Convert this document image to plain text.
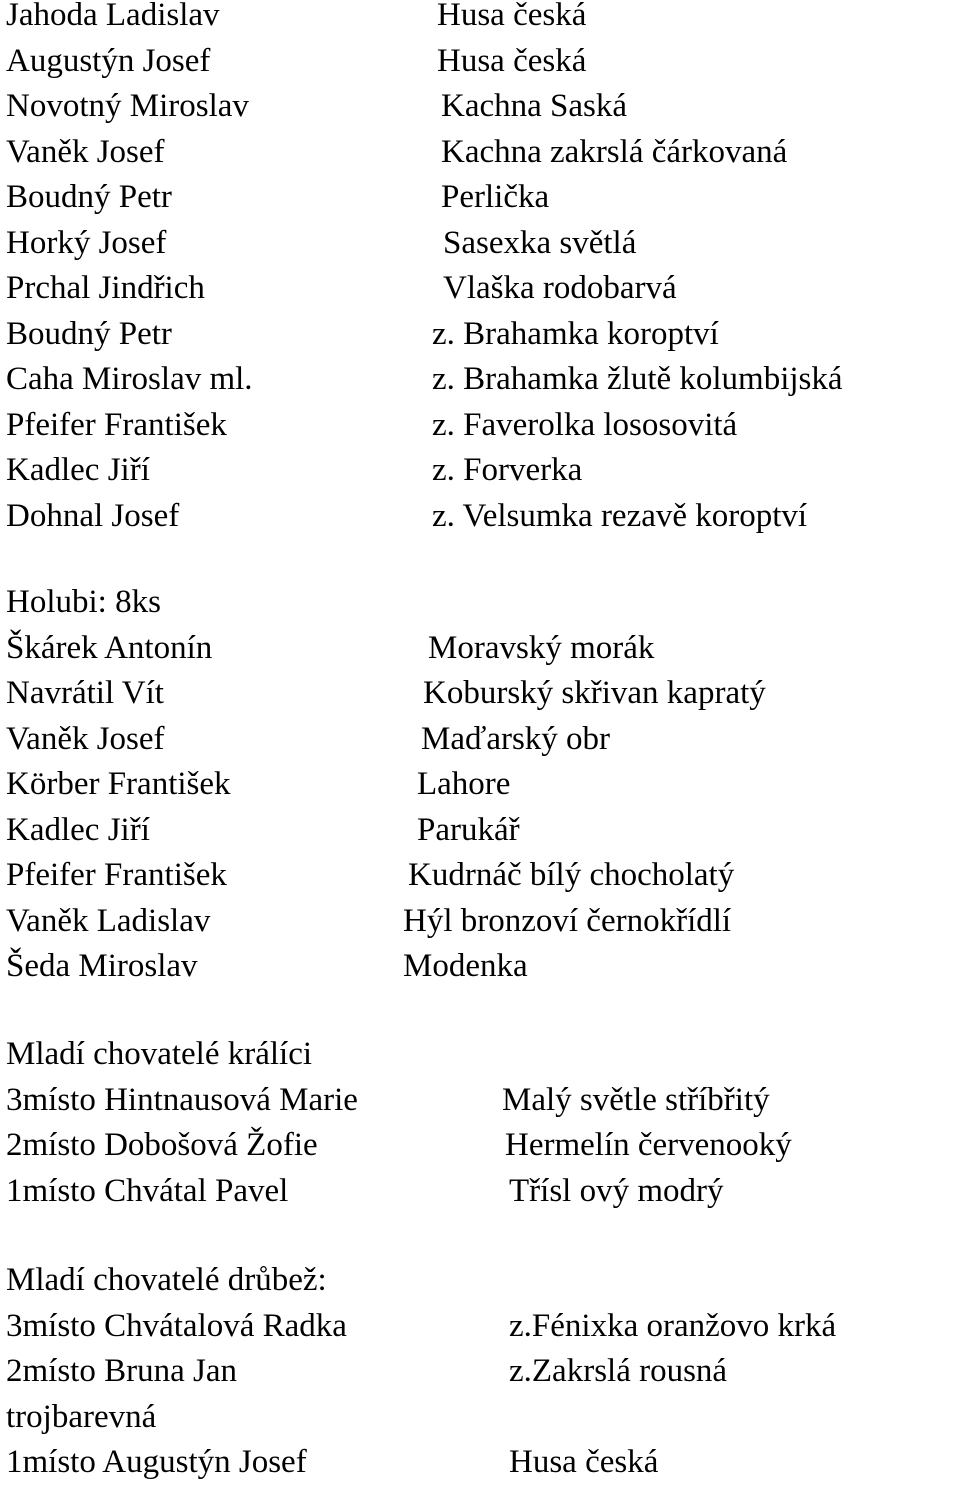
Jahoda Ladislav	Husa česká
Augustýn Josef	Husa česká
Novotný Miroslav	Kachna Saská
Vaněk Josef	Kachna zakrslá čárkovaná
Boudný Petr	Perlička
Horký Josef	Sasexka světlá
Prchal Jindřich	Vlaška rodobarvá
Boudný Petr	z. Brahamka koroptví
Caha Miroslav ml.	z. Brahamka žlutě kolumbijská
Pfeifer František	z. Faverolka lososovitá
Kadlec Jiří	z. Forverka
Dohnal Josef	z. Velsumka rezavě koroptví
Holubi: 8ks
Škárek Antonín	Moravský morák
Navrátil Vít	Koburský skřivan kapratý
Vaněk Josef	Maďarský obr
Körber František	Lahore
Kadlec Jiří	Parukář
Pfeifer František	Kudrnáč bílý chocholatý
Vaněk Ladislav	Hýl bronzoví černokřídlí
Šeda Miroslav	Modenka
Mladí chovatelé králíci
3místo Hintnausová Marie	Malý světle stříbřitý
2místo Dobošová Žofie	Hermelín červenooký
1místo Chvátal Pavel	Třísl ový modrý
Mladí chovatelé drůbež:
3místo Chvátalová Radka	z.Fénixka oranžovo krká
2místo Bruna Jan	z.Zakrslá rousná
trojbarevná
1místo Augustýn Josef	Husa česká
